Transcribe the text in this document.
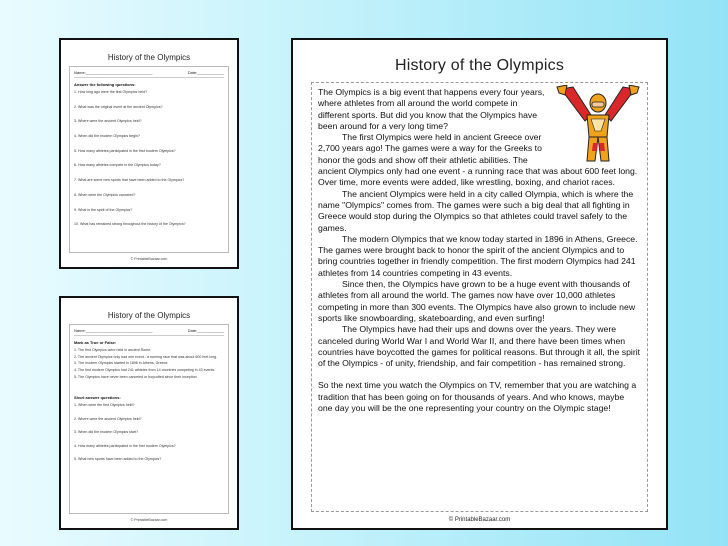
History of the Olympics
Name:______________________________	Date:____________
Answer the following questions:
1. How long ago were the first Olympics held?
2. What was the original event at the ancient Olympics?
3. Where were the ancient Olympics held?
4. When did the modern Olympics begin?
5. How many athletes participated in the first modern Olympics?
6. How many athletes compete in the Olympics today?
7. What are some new sports that have been added to the Olympics?
8. When were the Olympics canceled?
9. What is the spirit of the Olympics?
10. What has remained strong throughout the history of the Olympics?
© PrintableBazaar.com
History of the Olympics
Name:______________________________	Date:____________
Mark as True or False:
1. The first Olympics were held in ancient Rome.
2. The ancient Olympics only had one event - a running race that was about 600 feet long.
3. The modern Olympics started in 1896 in Athens, Greece.
4. The first modern Olympics had 241 athletes from 14 countries competing in 43 events.
5. The Olympics have never been canceled or boycotted since their inception.
Short answer questions:
1. When were the first Olympics held?
2. Where were the ancient Olympics held?
3. When did the modern Olympics start?
4. How many athletes participated in the first modern Olympics?
5. What new sports have been added to the Olympics?
© PrintableBazaar.com
History of the Olympics

The Olympics is a big event that happens every four years, where athletes from all around the world compete in different sports. But did you know that the Olympics have been around for a very long time?

The first Olympics were held in ancient Greece over 2,700 years ago! The games were a way for the Greeks to honor the gods and show off their athletic abilities. The ancient Olympics only had one event - a running race that was about 600 feet long. Over time, more events were added, like wrestling, boxing, and chariot races.

The ancient Olympics were held in a city called Olympia, which is where the name "Olympics" comes from. The games were such a big deal that all fighting in Greece would stop during the Olympics so that athletes could travel safely to the games.

The modern Olympics that we know today started in 1896 in Athens, Greece. The games were brought back to honor the spirit of the ancient Olympics and to bring countries together in friendly competition. The first modern Olympics had 241 athletes from 14 countries competing in 43 events.

Since then, the Olympics have grown to be a huge event with thousands of athletes from all around the world. The games now have over 10,000 athletes competing in more than 300 events. The Olympics have also grown to include new sports like snowboarding, skateboarding, and even surfing!

The Olympics have had their ups and downs over the years. They were canceled during World War I and World War II, and there have been times when countries have boycotted the games for political reasons. But through it all, the spirit of the Olympics - of unity, friendship, and fair competition - has remained strong.

So the next time you watch the Olympics on TV, remember that you are watching a tradition that has been going on for thousands of years. And who knows, maybe one day you will be the one representing your country on the Olympic stage!

© PrintableBazaar.com
